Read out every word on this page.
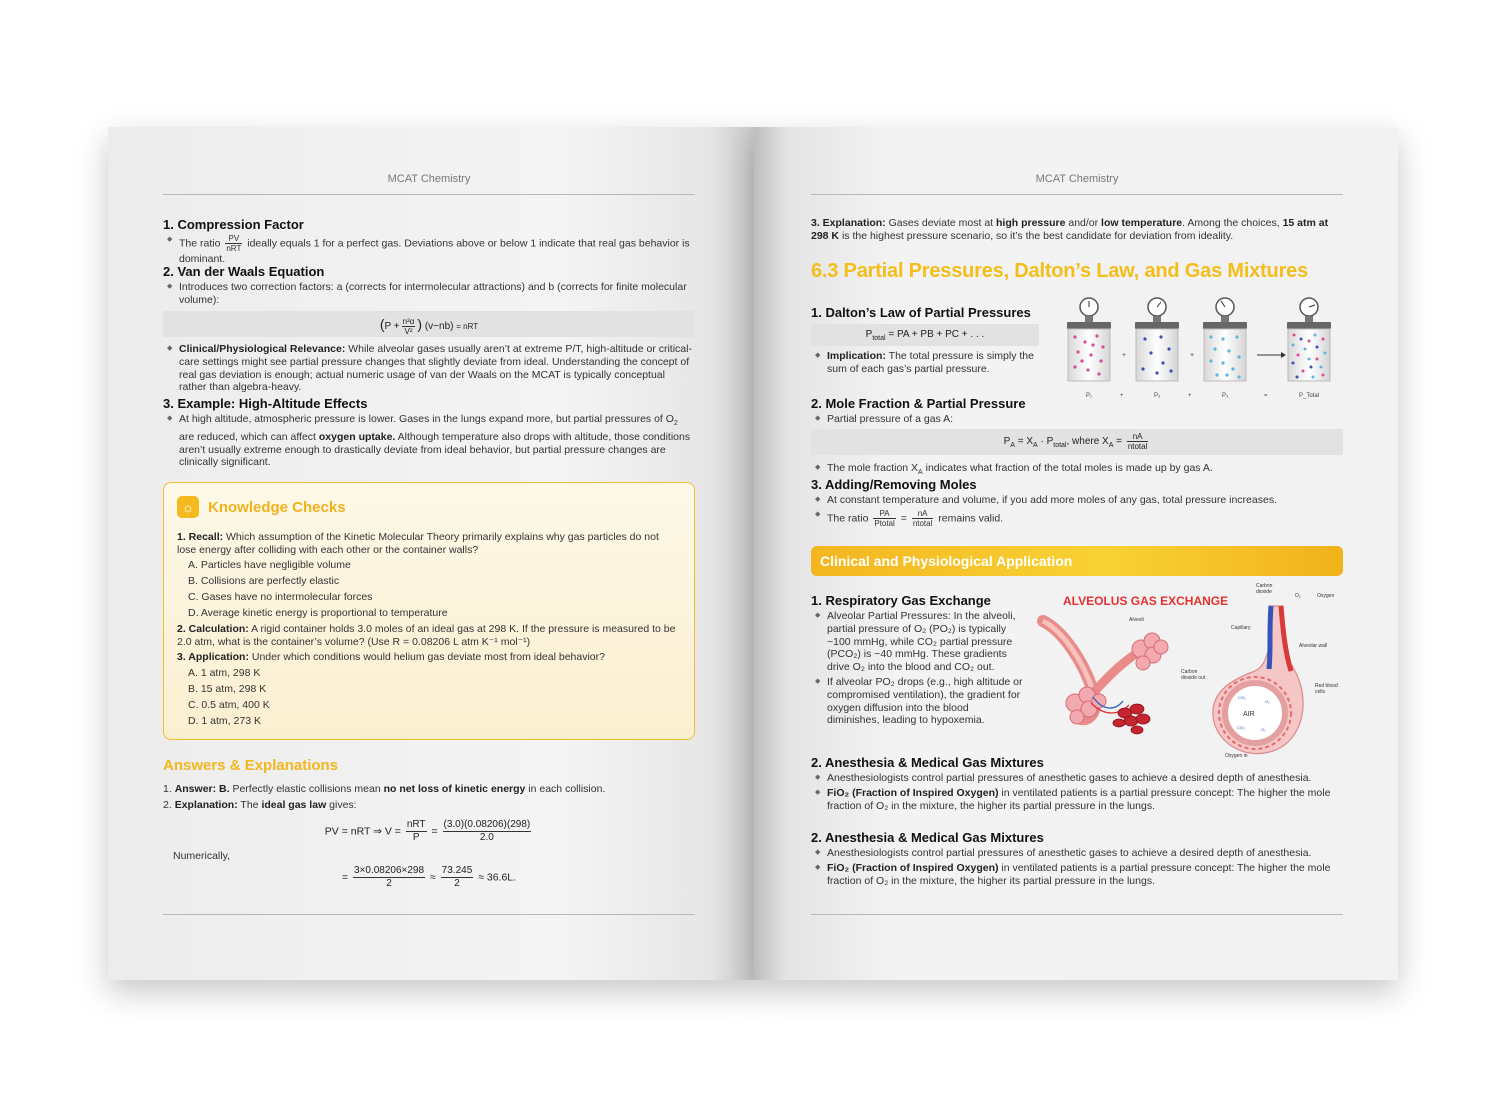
MCAT Chemistry
1. Compression Factor
◆ The ratio $\frac{PV}{\text{nRT}}$ ideally equals 1 for a perfect gas. Deviations above or below 1 indicate that real gas behavior is dominant.
2. Van der Waals Equation
◆ Introduces two correction factors: a (corrects for intermolecular attractions) and b (corrects for finite molecular volume):
($P + \frac{\text{n²α}}{\text{V²}}$ ) (v−nb) = nRT
◆ Clinical/Physiological Relevance: While alveolar gases usually aren’t at extreme P/T, high-altitude or critical-care settings might see partial pressure changes that slightly deviate from ideal. Understanding the concept of real gas deviation is enough; actual numeric usage of van der Waals on the MCAT is typically conceptual rather than algebra-heavy.
3. Example: High-Altitude Effects
◆ At high altitude, atmospheric pressure is lower. Gases in the lungs expand more, but partial pressures of $O_2$ are reduced, which can affect oxygen uptake. Although temperature also drops with altitude, those conditions aren’t usually extreme enough to drastically deviate from ideal behavior, but partial pressure changes are clinically significant.
☼ Knowledge Checks
1. Recall: Which assumption of the Kinetic Molecular Theory primarily explains why gas particles do not lose energy after colliding with each other or the container walls?
A. Particles have negligible volume
B. Collisions are perfectly elastic
C. Gases have no intermolecular forces
D. Average kinetic energy is proportional to temperature
2. Calculation: A rigid container holds 3.0 moles of an ideal gas at 298 K. If the pressure is measured to be 2.0 atm, what is the container’s volume? (Use R = 0.08206 L atm K⁻¹ mol⁻¹)
3. Application: Under which conditions would helium gas deviate most from ideal behavior?
A. 1 atm, 298 K
B. 15 atm, 298 K
C. 0.5 atm, 400 K
D. 1 atm, 273 K
Answers & Explanations

1. Answer: B. Perfectly elastic collisions mean no net loss of kinetic energy in each collision.

2. Explanation: The ideal gas law gives:

PV = nRT ⇒ $V = \frac{\text{nRT}}{P} = \frac{(3.0)(0.08206)(298)}{2.0}$

Numerically,

= $\frac{3\times 0.08206\times 298}{2} \approx \frac{73.245}{2} \approx 36.6L$.
MCAT Chemistry

3. Explanation: Gases deviate most at high pressure and/or low temperature. Among the choices, 15 atm at 298 K is the highest pressure scenario, so it’s the best candidate for deviation from ideality.

6.3 Partial Pressures, Dalton’s Law, and Gas Mixtures
1. Dalton’s Law of Partial Pressures
$P_{total}$ = PA + PB + PC + . . .
◆ Implication: The total pressure is simply the sum of each gas’s partial pressure.
+	+
P₁	+	P₂	+	P₃	=	P_Total
2. Mole Fraction & Partial Pressure
◆ Partial pressure of a gas A:
$P_A = X_A \cdot P_{total}$, where $X_A = \frac{nA}{\text{ntotal}}$
◆ The mole fraction $X_A$ indicates what fraction of the total moles is made up by gas A.
3. Adding/Removing Moles
◆ At constant temperature and volume, if you add more moles of any gas, total pressure increases.
◆ The ratio $\frac{PA}{\text{Ptotal}} = \frac{nA}{\text{ntotal}}$ remains valid.
Clinical and Physiological Application
1. Respiratory Gas Exchange
◆ Alveolar Partial Pressures: In the alveoli, partial pressure of O₂ (PO₂) is typically ~100 mmHg, while CO₂ partial pressure (PCO₂) is ~40 mmHg. These gradients drive O₂ into the blood and CO₂ out.
◆ If alveolar PO₂ drops (e.g., high altitude or compromised ventilation), the gradient for oxygen diffusion into the blood diminishes, leading to hypoxemia.
ALVEOLUS GAS EXCHANGE
AIR
CO₂
O₂
O₂
CO₂
Carbon dioxide
O₂	Oxygen
Alveoli
Capillary
Alveolar wall
Carbon dioxide out
Red blood cells
Oxygen in
2. Anesthesia & Medical Gas Mixtures
◆ Anesthesiologists control partial pressures of anesthetic gases to achieve a desired depth of anesthesia.
◆ FiO₂ (Fraction of Inspired Oxygen) in ventilated patients is a partial pressure concept: The higher the mole fraction of O₂ in the mixture, the higher its partial pressure in the lungs.
2. Anesthesia & Medical Gas Mixtures
◆ Anesthesiologists control partial pressures of anesthetic gases to achieve a desired depth of anesthesia.
◆ FiO₂ (Fraction of Inspired Oxygen) in ventilated patients is a partial pressure concept: The higher the mole fraction of O₂ in the mixture, the higher its partial pressure in the lungs.
